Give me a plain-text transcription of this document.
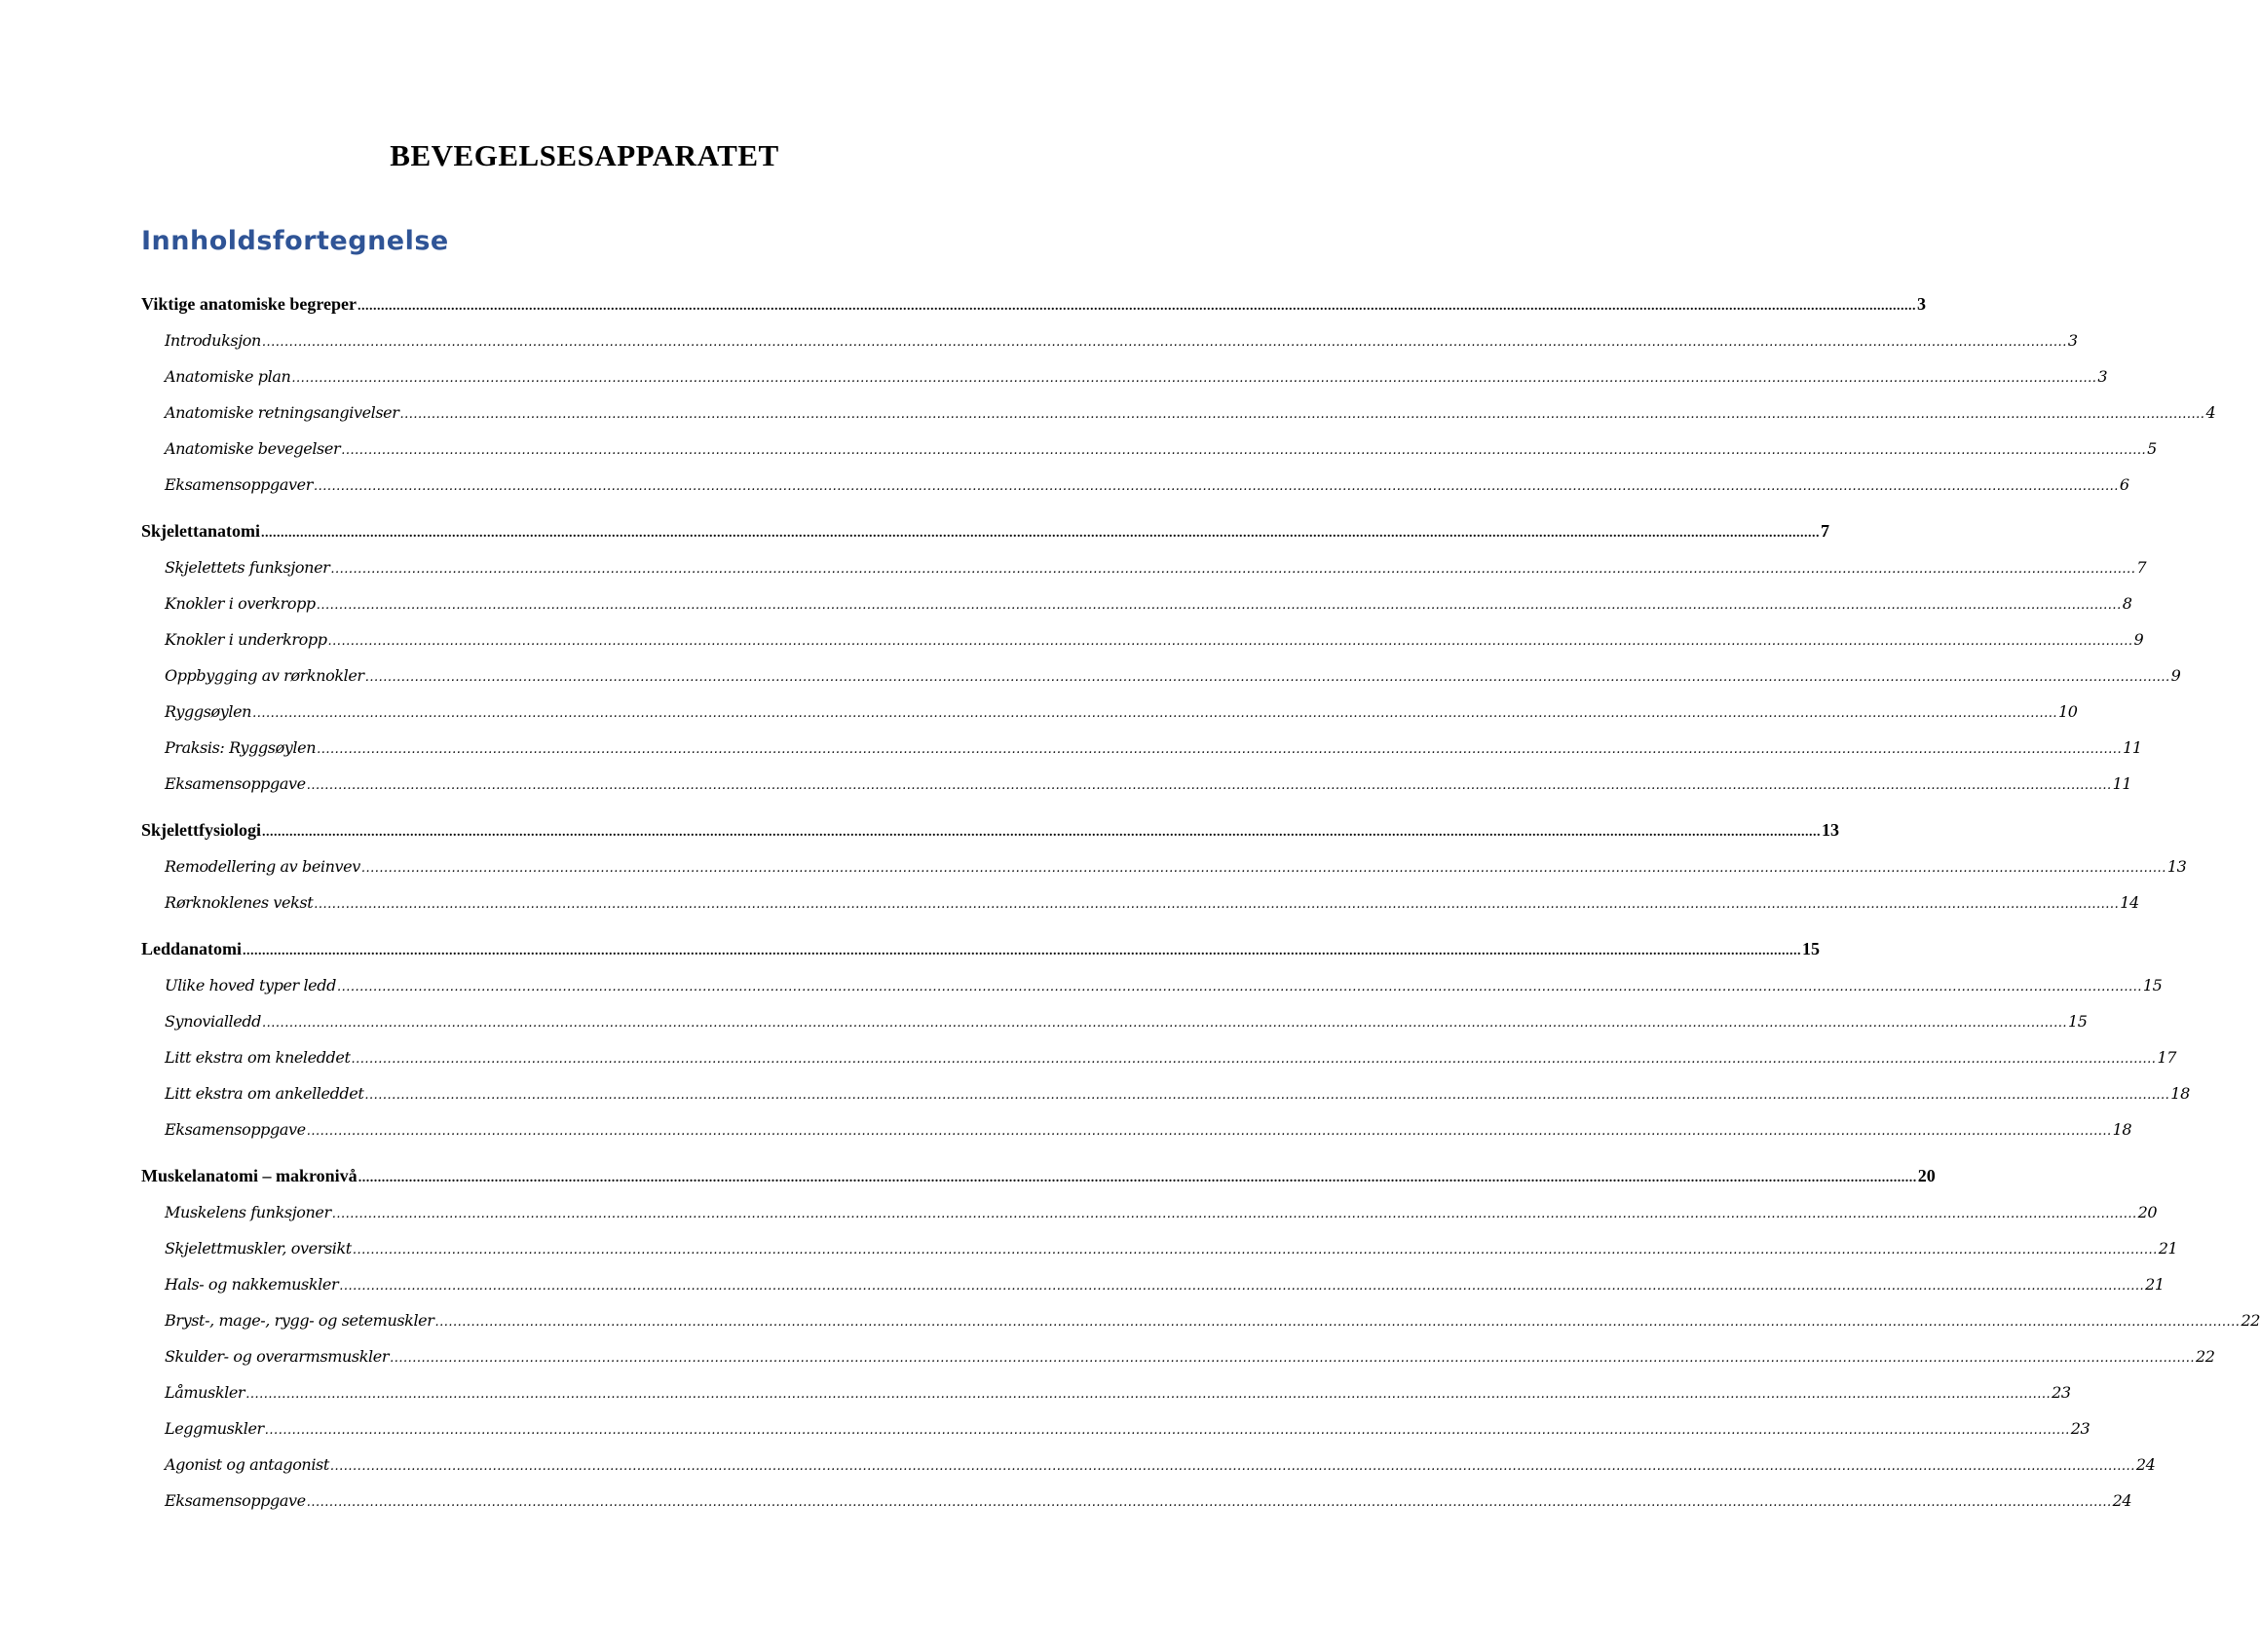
BEVEGELSESAPPARATET
Innholdsfortegnelse
Viktige anatomiske begreper ................................................................................................................................................................................................................................................................................................................................................................................................................ 3
Introduksjon ................................................................................................................................................................................................................................................................................................................................................................................................................ 3
Anatomiske plan ................................................................................................................................................................................................................................................................................................................................................................................................................ 3
Anatomiske retningsangivelser ................................................................................................................................................................................................................................................................................................................................................................................................................ 4
Anatomiske bevegelser ................................................................................................................................................................................................................................................................................................................................................................................................................ 5
Eksamensoppgaver ................................................................................................................................................................................................................................................................................................................................................................................................................ 6
Skjelettanatomi ................................................................................................................................................................................................................................................................................................................................................................................................................ 7
Skjelettets funksjoner ................................................................................................................................................................................................................................................................................................................................................................................................................ 7
Knokler i overkropp ................................................................................................................................................................................................................................................................................................................................................................................................................ 8
Knokler i underkropp ................................................................................................................................................................................................................................................................................................................................................................................................................ 9
Oppbygging av rørknokler ................................................................................................................................................................................................................................................................................................................................................................................................................ 9
Ryggsøylen ................................................................................................................................................................................................................................................................................................................................................................................................................ 10
Praksis: Ryggsøylen ................................................................................................................................................................................................................................................................................................................................................................................................................ 11
Eksamensoppgave ................................................................................................................................................................................................................................................................................................................................................................................................................ 11
Skjelettfysiologi ................................................................................................................................................................................................................................................................................................................................................................................................................ 13
Remodellering av beinvev ................................................................................................................................................................................................................................................................................................................................................................................................................ 13
Rørknoklenes vekst ................................................................................................................................................................................................................................................................................................................................................................................................................ 14
Leddanatomi ................................................................................................................................................................................................................................................................................................................................................................................................................ 15
Ulike hoved typer ledd ................................................................................................................................................................................................................................................................................................................................................................................................................ 15
Synovialledd ................................................................................................................................................................................................................................................................................................................................................................................................................ 15
Litt ekstra om kneleddet ................................................................................................................................................................................................................................................................................................................................................................................................................ 17
Litt ekstra om ankelleddet ................................................................................................................................................................................................................................................................................................................................................................................................................ 18
Eksamensoppgave ................................................................................................................................................................................................................................................................................................................................................................................................................ 18
Muskelanatomi – makronivå ................................................................................................................................................................................................................................................................................................................................................................................................................ 20
Muskelens funksjoner ................................................................................................................................................................................................................................................................................................................................................................................................................ 20
Skjelettmuskler, oversikt ................................................................................................................................................................................................................................................................................................................................................................................................................ 21
Hals- og nakkemuskler ................................................................................................................................................................................................................................................................................................................................................................................................................ 21
Bryst-, mage-, rygg- og setemuskler ................................................................................................................................................................................................................................................................................................................................................................................................................ 22
Skulder- og overarmsmuskler ................................................................................................................................................................................................................................................................................................................................................................................................................ 22
Låmuskler ................................................................................................................................................................................................................................................................................................................................................................................................................ 23
Leggmuskler ................................................................................................................................................................................................................................................................................................................................................................................................................ 23
Agonist og antagonist ................................................................................................................................................................................................................................................................................................................................................................................................................ 24
Eksamensoppgave ................................................................................................................................................................................................................................................................................................................................................................................................................ 24
